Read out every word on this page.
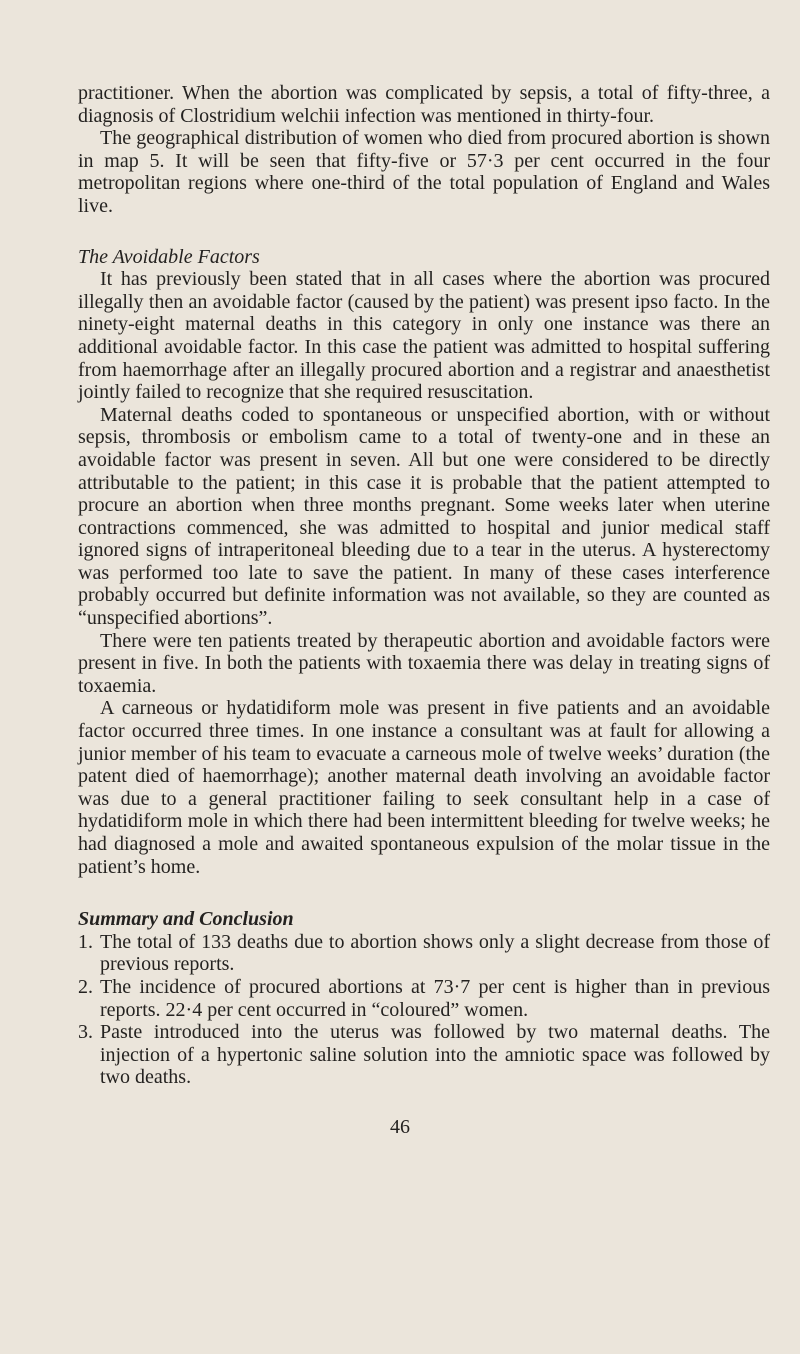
practitioner. When the abortion was complicated by sepsis, a total of fifty-three, a diagnosis of Clostridium welchii infection was mentioned in thirty-four.

The geographical distribution of women who died from procured abortion is shown in map 5. It will be seen that fifty-five or 57·3 per cent occurred in the four metropolitan regions where one-third of the total population of England and Wales live.

The Avoidable Factors

It has previously been stated that in all cases where the abortion was procured illegally then an avoidable factor (caused by the patient) was present ipso facto. In the ninety-eight maternal deaths in this category in only one instance was there an additional avoidable factor. In this case the patient was admitted to hospital suffering from haemorrhage after an illegally procured abortion and a registrar and anaesthetist jointly failed to recognize that she required resuscitation.

Maternal deaths coded to spontaneous or unspecified abortion, with or without sepsis, thrombosis or embolism came to a total of twenty-one and in these an avoidable factor was present in seven. All but one were considered to be directly attributable to the patient; in this case it is probable that the patient attempted to procure an abortion when three months pregnant. Some weeks later when uterine contractions commenced, she was admitted to hospital and junior medical staff ignored signs of intraperitoneal bleeding due to a tear in the uterus. A hysterectomy was performed too late to save the patient. In many of these cases interference probably occurred but definite information was not available, so they are counted as “unspecified abortions”.

There were ten patients treated by therapeutic abortion and avoidable factors were present in five. In both the patients with toxaemia there was delay in treating signs of toxaemia.

A carneous or hydatidiform mole was present in five patients and an avoidable factor occurred three times. In one instance a consultant was at fault for allowing a junior member of his team to evacuate a carneous mole of twelve weeks’ duration (the patent died of haemorrhage); another maternal death involving an avoidable factor was due to a general practitioner failing to seek consultant help in a case of hydatidiform mole in which there had been intermittent bleeding for twelve weeks; he had diagnosed a mole and awaited spontaneous expulsion of the molar tissue in the patient’s home.

Summary and Conclusion
1. The total of 133 deaths due to abortion shows only a slight decrease from those of previous reports.
2. The incidence of procured abortions at 73·7 per cent is higher than in previous reports. 22·4 per cent occurred in “coloured” women.
3. Paste introduced into the uterus was followed by two maternal deaths. The injection of a hypertonic saline solution into the amniotic space was followed by two deaths.
46
